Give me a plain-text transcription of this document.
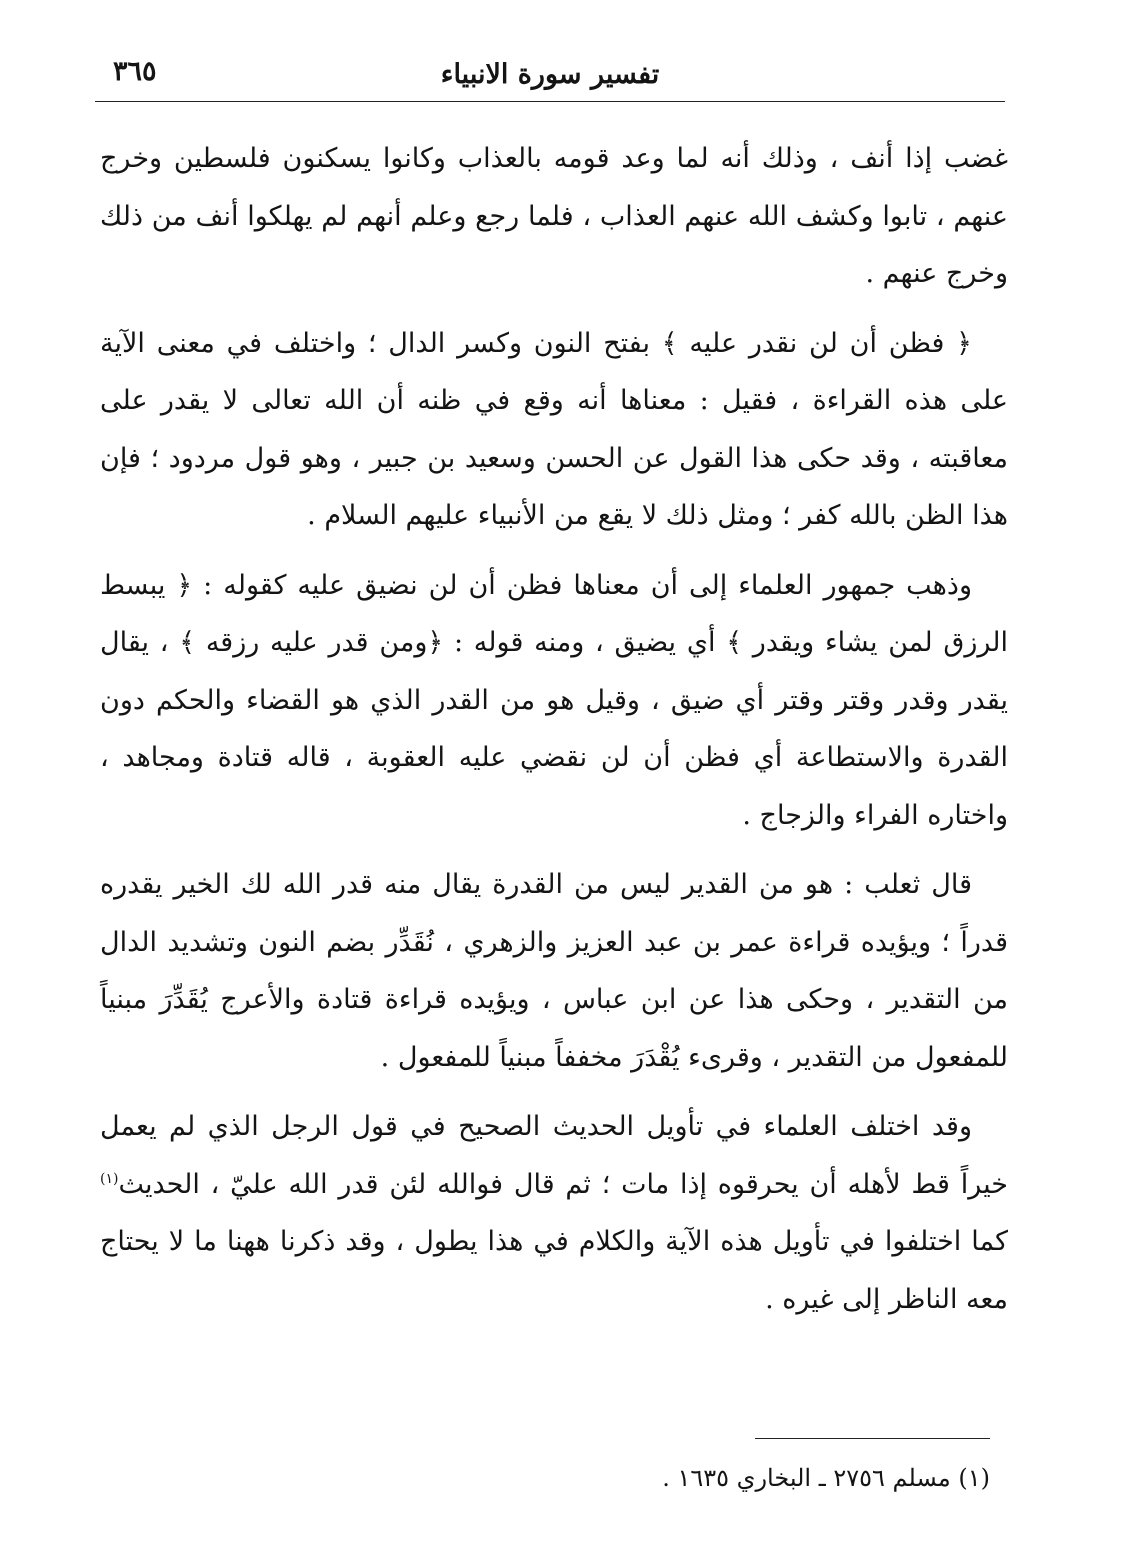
تفسير سورة الانبياء
٣٦٥

غضب إذا أنف ، وذلك أنه لما وعد قومه بالعذاب وكانوا يسكنون فلسطين وخرج عنهم ، تابوا وكشف الله عنهم العذاب ، فلما رجع وعلم أنهم لم يهلكوا أنف من ذلك وخرج عنهم .

﴿ فظن أن لن نقدر عليه ﴾ بفتح النون وكسر الدال ؛ واختلف في معنى الآية على هذه القراءة ، فقيل : معناها أنه وقع في ظنه أن الله تعالى لا يقدر على معاقبته ، وقد حكى هذا القول عن الحسن وسعيد بن جبير ، وهو قول مردود ؛ فإن هذا الظن بالله كفر ؛ ومثل ذلك لا يقع من الأنبياء عليهم السلام .

وذهب جمهور العلماء إلى أن معناها فظن أن لن نضيق عليه كقوله : ﴿ يبسط الرزق لمن يشاء ويقدر ﴾ أي يضيق ، ومنه قوله : ﴿ومن قدر عليه رزقه ﴾ ، يقال يقدر وقدر وقتر وقتر أي ضيق ، وقيل هو من القدر الذي هو القضاء والحكم دون القدرة والاستطاعة أي فظن أن لن نقضي عليه العقوبة ، قاله قتادة ومجاهد ، واختاره الفراء والزجاج .

قال ثعلب : هو من القدير ليس من القدرة يقال منه قدر الله لك الخير يقدره قدراً ؛ ويؤيده قراءة عمر بن عبد العزيز والزهري ، نُقَدِّر بضم النون وتشديد الدال من التقدير ، وحكى هذا عن ابن عباس ، ويؤيده قراءة قتادة والأعرج يُقَدِّرَ مبنياً للمفعول من التقدير ، وقرىء يُقْدَرَ مخففاً مبنياً للمفعول .

وقد اختلف العلماء في تأويل الحديث الصحيح في قول الرجل الذي لم يعمل خيراً قط لأهله أن يحرقوه إذا مات ؛ ثم قال فوالله لئن قدر الله عليّ ، الحديث$^{(١)}$ كما اختلفوا في تأويل هذه الآية والكلام في هذا يطول ، وقد ذكرنا ههنا ما لا يحتاج معه الناظر إلى غيره .

(١) مسلم ٢٧٥٦ ـ البخاري ١٦٣٥ .
